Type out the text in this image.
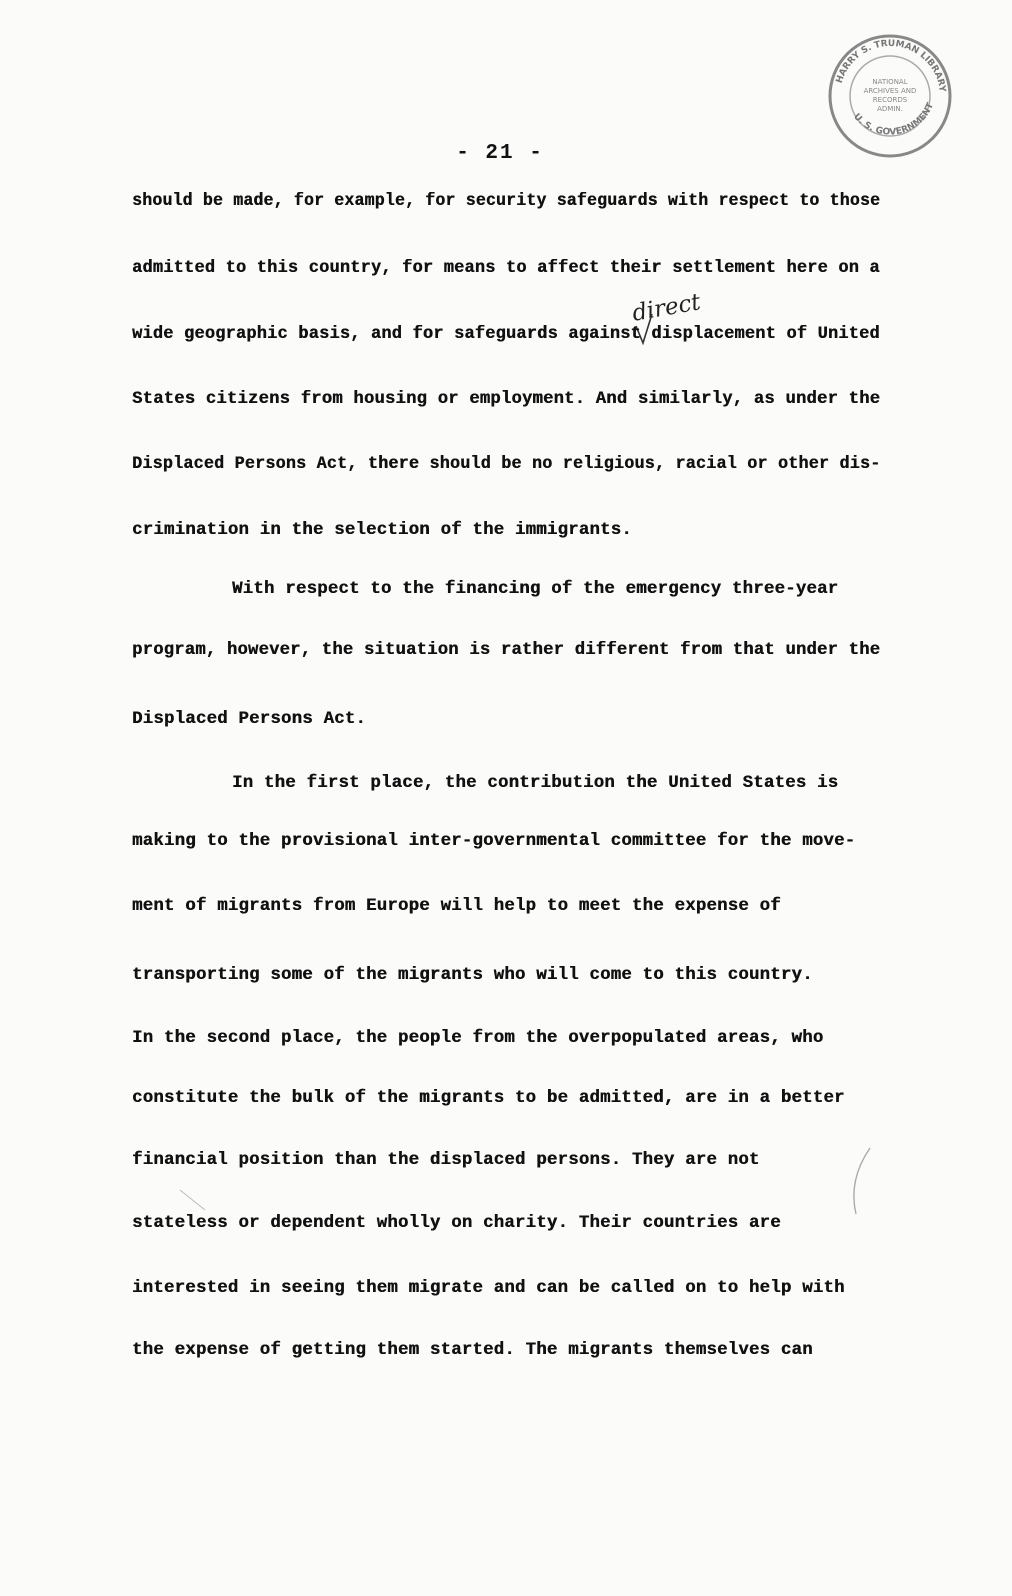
HARRY S. TRUMAN LIBRARY
U. S. GOVERNMENT
NATIONAL
ARCHIVES AND
RECORDS
ADMIN.
- 21 -
direct
should be made, for example, for security safeguards with respect to those
admitted to this country, for means to affect their settlement here on a
wide geographic basis, and for safeguards against displacement of United
States citizens from housing or employment. And similarly, as under the
Displaced Persons Act, there should be no religious, racial or other dis-
crimination in the selection of the immigrants.
With respect to the financing of the emergency three-year
program, however, the situation is rather different from that under the
Displaced Persons Act.
In the first place, the contribution the United States is
making to the provisional inter-governmental committee for the move-
ment of migrants from Europe will help to meet the expense of
transporting some of the migrants who will come to this country.
In the second place, the people from the overpopulated areas, who
constitute the bulk of the migrants to be admitted, are in a better
financial position than the displaced persons. They are not
stateless or dependent wholly on charity. Their countries are
interested in seeing them migrate and can be called on to help with
the expense of getting them started. The migrants themselves can
